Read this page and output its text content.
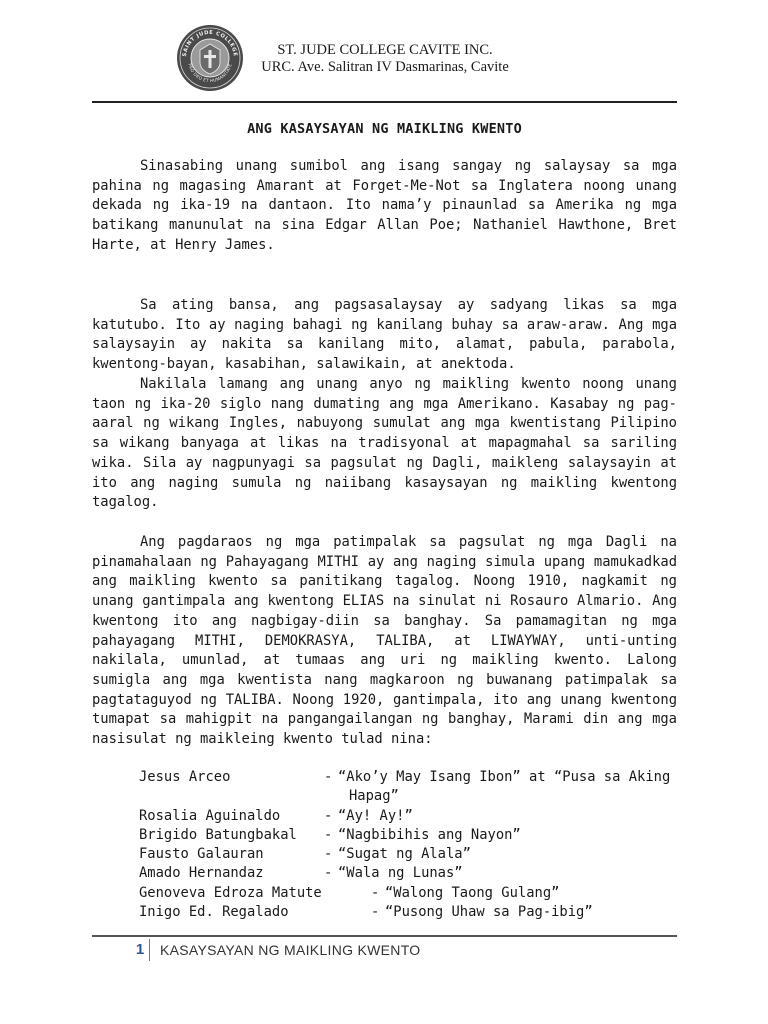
SAINT JUDE COLLEGE
PRO DEO ET HUMANITATE
ST. JUDE COLLEGE CAVITE INC.
URC. Ave. Salitran IV Dasmarinas, Cavite
ANG KASAYSAYAN NG MAIKLING KWENTO
Sinasabing unang sumibol ang isang sangay ng salaysay sa mga pahina ng magasing Amarant at Forget-Me-Not sa Inglatera noong unang dekada ng ika-19 na dantaon. Ito nama’y pinaunlad sa Amerika ng mga batikang manunulat na sina Edgar Allan Poe; Nathaniel Hawthone, Bret Harte, at Henry James.
Sa ating bansa, ang pagsasalaysay ay sadyang likas sa mga katutubo. Ito ay naging bahagi ng kanilang buhay sa araw-araw. Ang mga salaysayin ay nakita sa kanilang mito, alamat, pabula, parabola, kwentong-bayan, kasabihan, salawikain, at anektoda.
Nakilala lamang ang unang anyo ng maikling kwento noong unang taon ng ika-20 siglo nang dumating ang mga Amerikano. Kasabay ng pag-aaral ng wikang Ingles, nabuyong sumulat ang mga kwentistang Pilipino sa wikang banyaga at likas na tradisyonal at mapagmahal sa sariling wika. Sila ay nagpunyagi sa pagsulat ng Dagli, maikleng salaysayin at ito ang naging sumula ng naiibang kasaysayan ng maikling kwentong tagalog.
Ang pagdaraos ng mga patimpalak sa pagsulat ng mga Dagli na pinamahalaan ng Pahayagang MITHI ay ang naging simula upang mamukadkad ang maikling kwento sa panitikang tagalog. Noong 1910, nagkamit ng unang gantimpala ang kwentong ELIAS na sinulat ni Rosauro Almario. Ang kwentong ito ang nagbigay-diin sa banghay. Sa pamamagitan ng mga pahayagang MITHI, DEMOKRASYA, TALIBA, at LIWAYWAY, unti-unting nakilala, umunlad, at tumaas ang uri ng maikling kwento. Lalong sumigla ang mga kwentista nang magkaroon ng buwanang patimpalak sa pagtataguyod ng TALIBA. Noong 1920, gantimpala, ito ang unang kwentong tumapat sa mahigpit na pangangailangan ng banghay, Marami din ang mga nasisulat ng maikleing kwento tulad nina:
Jesus Arceo	- “Ako’y May Isang Ibon” at “Pusa sa Aking
Hapag”
Rosalia Aguinaldo	- “Ay! Ay!”
Brigido Batungbakal	- “Nagbibihis ang Nayon”
Fausto Galauran	- “Sugat ng Alala”
Amado Hernandaz	- “Wala ng Lunas”
Genoveva Edroza Matute	- “Walong Taong Gulang”
Inigo Ed. Regalado	- “Pusong Uhaw sa Pag-ibig”
1	KASAYSAYAN NG MAIKLING KWENTO
